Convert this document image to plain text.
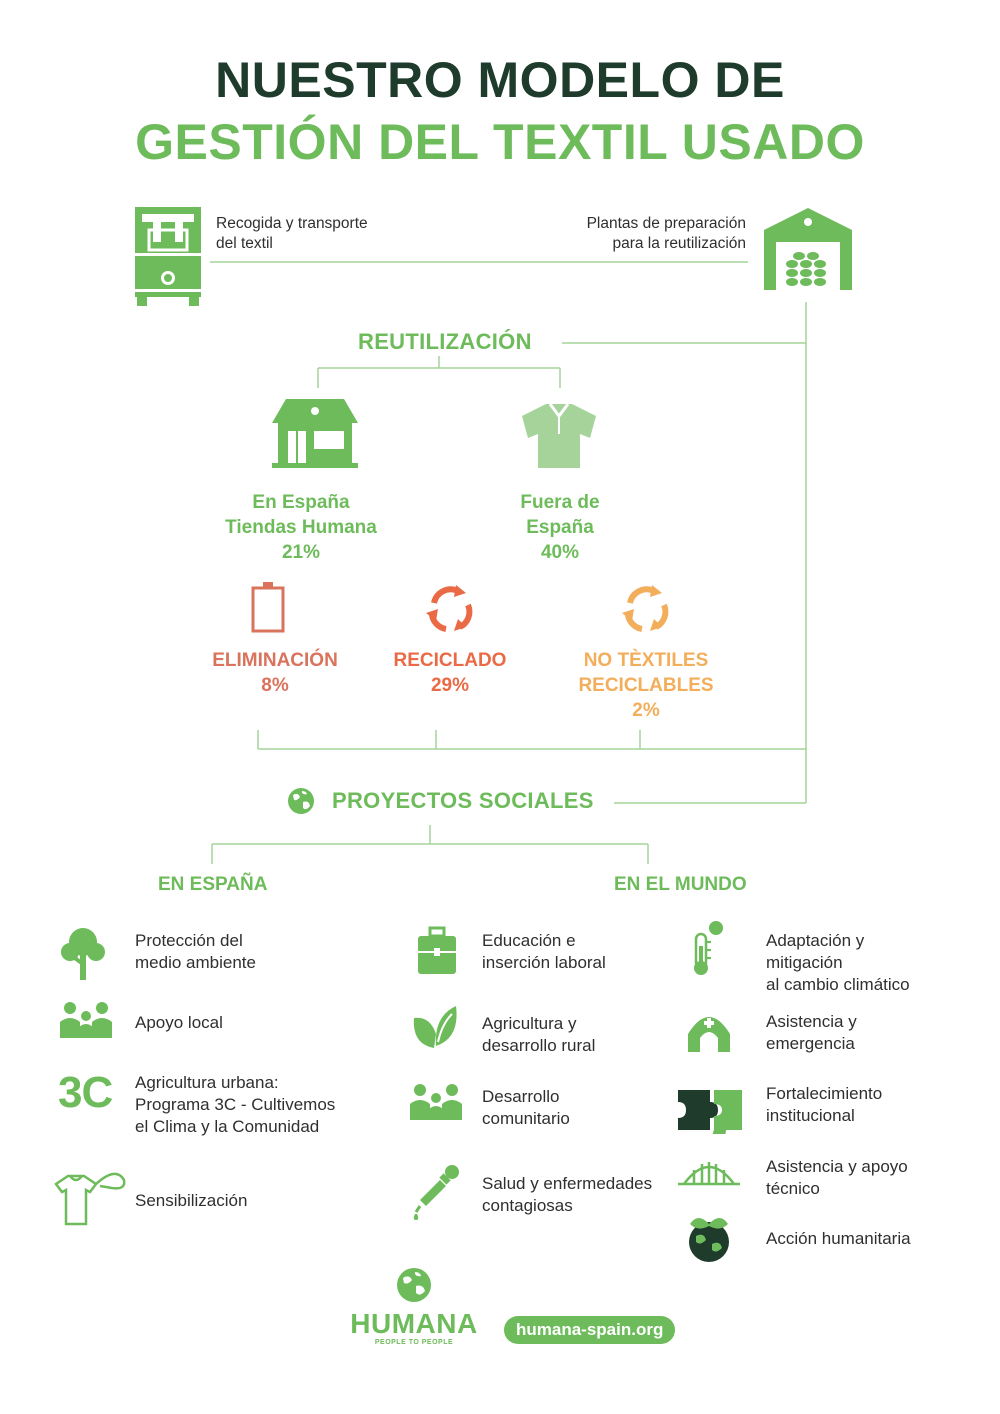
NUESTRO MODELO DE
GESTIÓN DEL TEXTIL USADO
Recogida y transporte
del textil
Plantas de preparación
para la reutilización
REUTILIZACIÓN
En España
Tiendas Humana
21%
Fuera de
España
40%
ELIMINACIÓN
8%
RECICLADO
29%
NO TÈXTILES
RECICLABLES
2%
PROYECTOS SOCIALES
EN ESPAÑA	EN EL MUNDO
3C
Protección del
medio ambiente
Apoyo local
Agricultura urbana:
Programa 3C - Cultivemos
el Clima y la Comunidad
Sensibilización
Educación e
inserción laboral
Agricultura y
desarrollo rural
Desarrollo
comunitario
Salud y enfermedades
contagiosas
Adaptación y
mitigación
al cambio climático
Asistencia y
emergencia
Fortalecimiento
institucional
Asistencia y apoyo
técnico
Acción humanitaria
HUMANA
PEOPLE TO PEOPLE
humana-spain.org
